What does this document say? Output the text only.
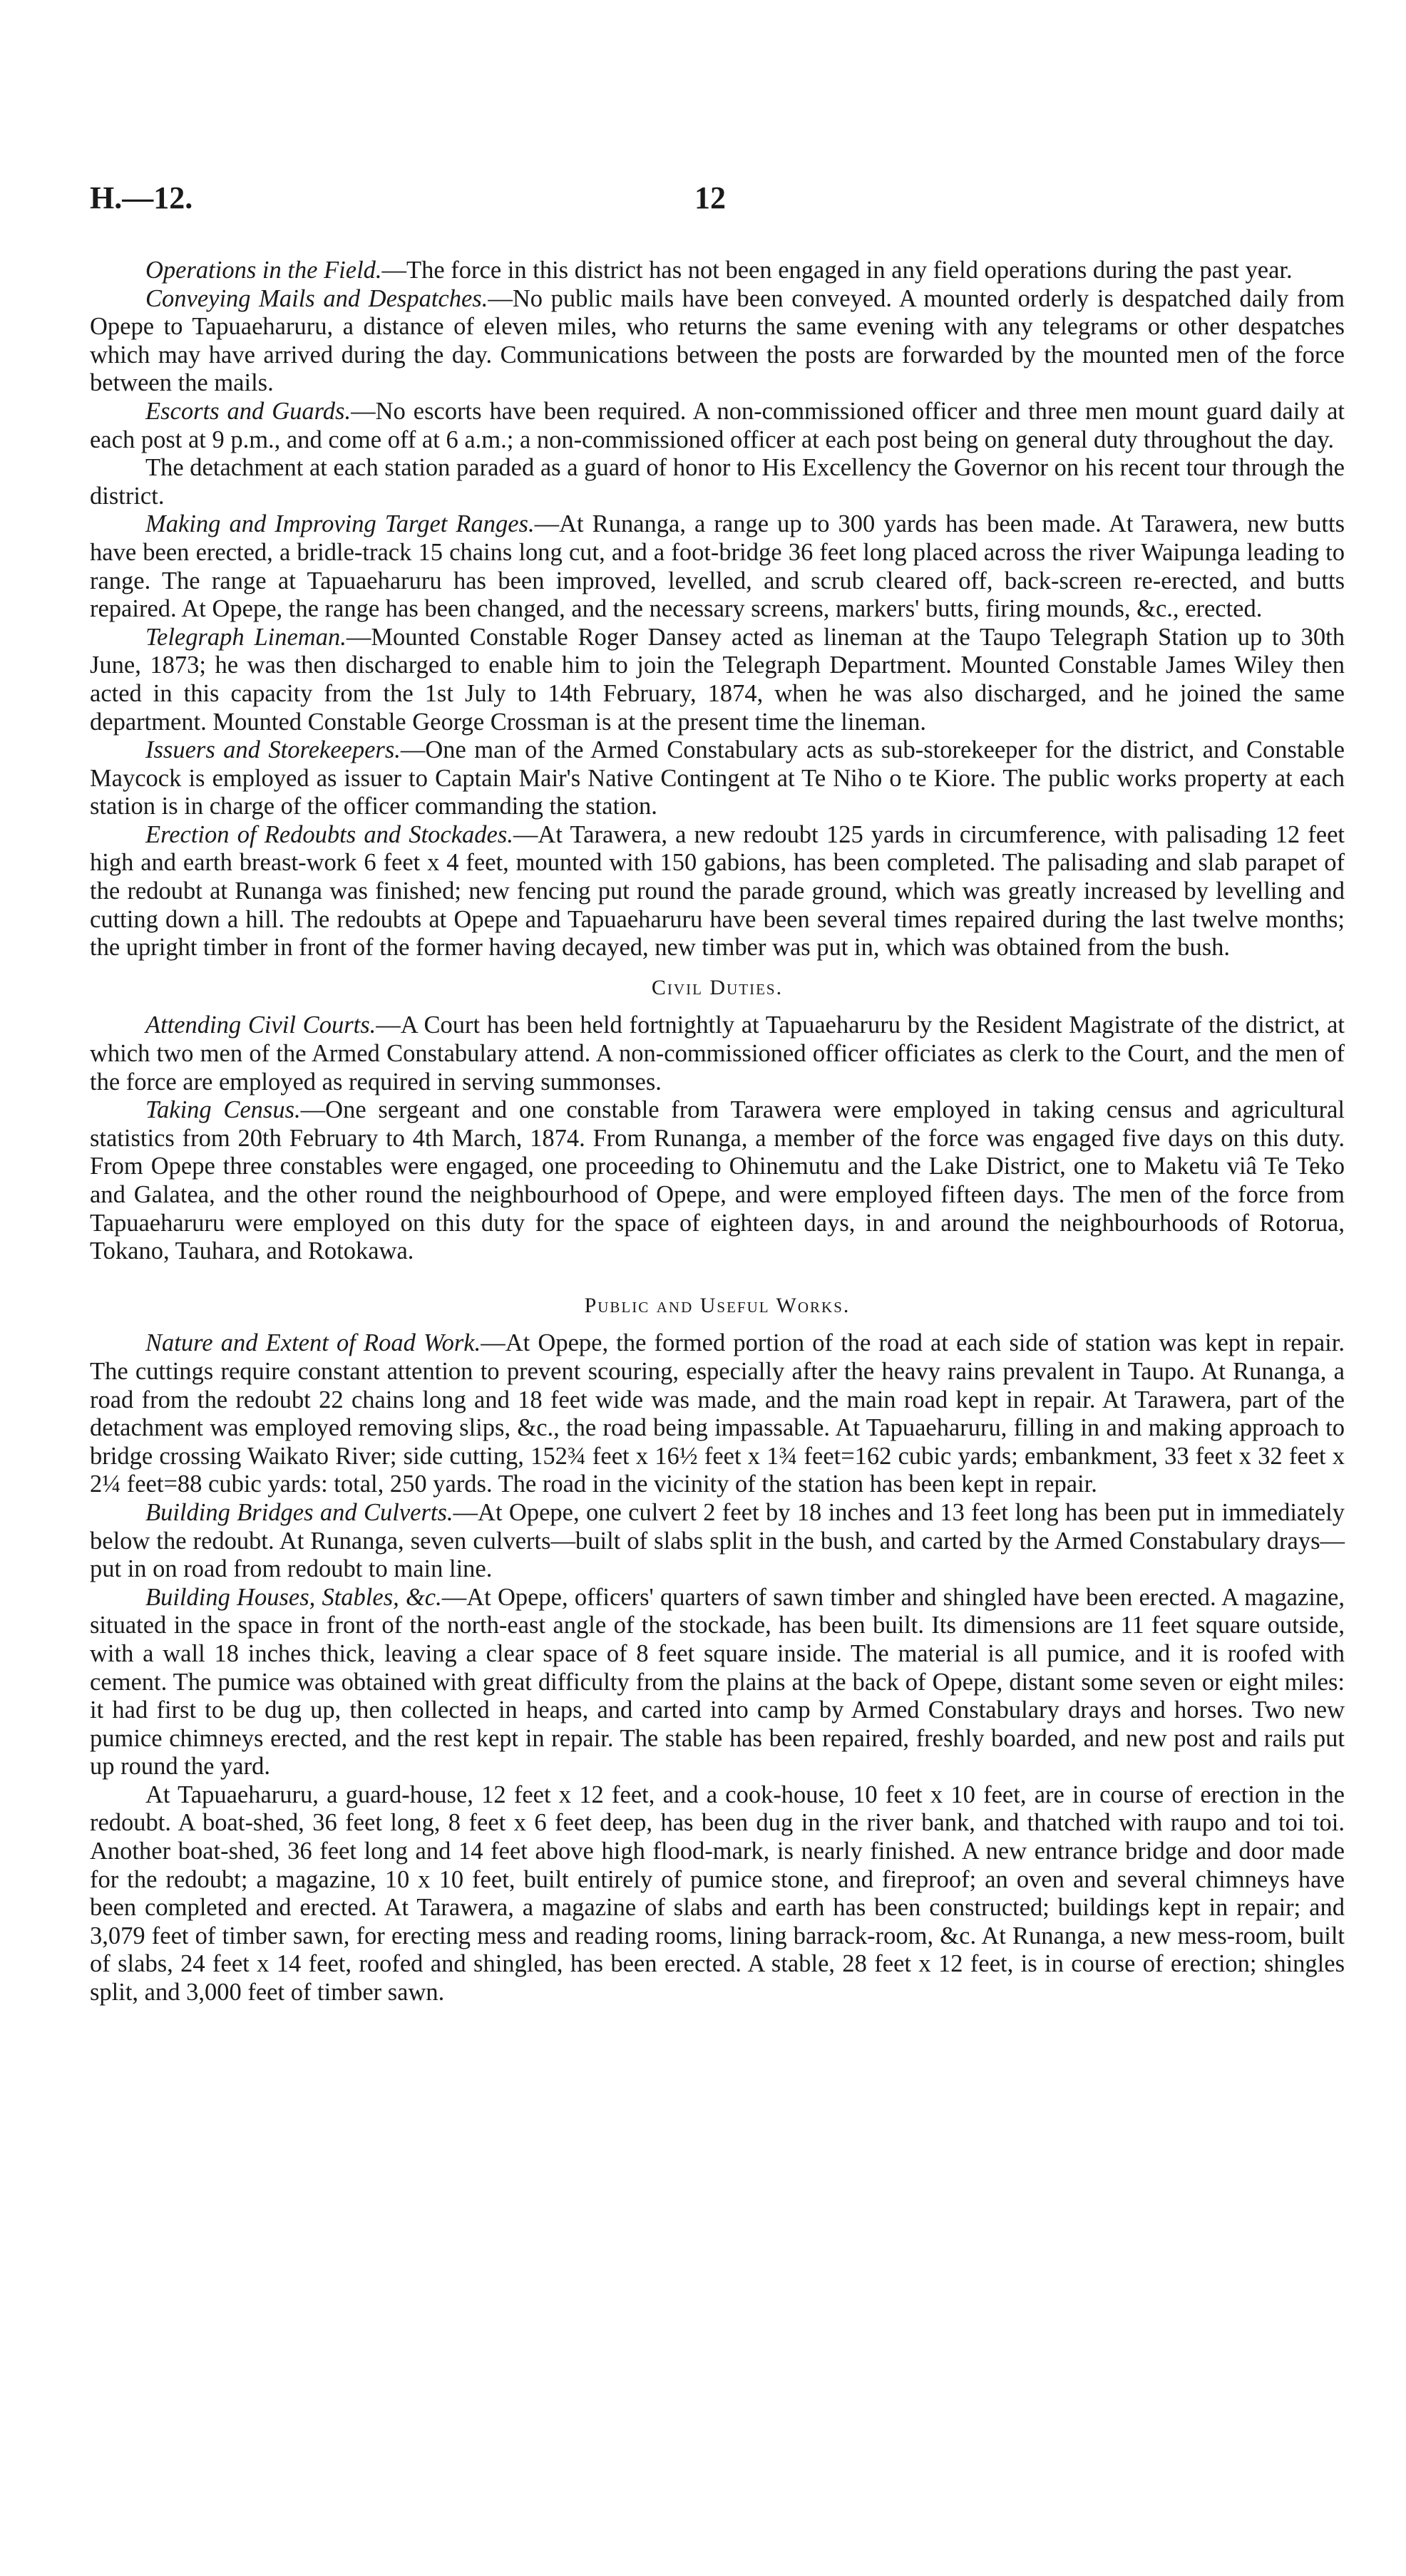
H.—12.	12

Operations in the Field.—The force in this district has not been engaged in any field operations during the past year.

Conveying Mails and Despatches.—No public mails have been conveyed. A mounted orderly is despatched daily from Opepe to Tapuaeharuru, a distance of eleven miles, who returns the same evening with any telegrams or other despatches which may have arrived during the day. Communications between the posts are forwarded by the mounted men of the force between the mails.

Escorts and Guards.—No escorts have been required. A non-commissioned officer and three men mount guard daily at each post at 9 p.m., and come off at 6 a.m.; a non-commissioned officer at each post being on general duty throughout the day.

The detachment at each station paraded as a guard of honor to His Excellency the Governor on his recent tour through the district.

Making and Improving Target Ranges.—At Runanga, a range up to 300 yards has been made. At Tarawera, new butts have been erected, a bridle-track 15 chains long cut, and a foot-bridge 36 feet long placed across the river Waipunga leading to range. The range at Tapuaeharuru has been improved, levelled, and scrub cleared off, back-screen re-erected, and butts repaired. At Opepe, the range has been changed, and the necessary screens, markers' butts, firing mounds, &c., erected.

Telegraph Lineman.—Mounted Constable Roger Dansey acted as lineman at the Taupo Telegraph Station up to 30th June, 1873; he was then discharged to enable him to join the Telegraph Department. Mounted Constable James Wiley then acted in this capacity from the 1st July to 14th February, 1874, when he was also discharged, and he joined the same department. Mounted Constable George Crossman is at the present time the lineman.

Issuers and Storekeepers.—One man of the Armed Constabulary acts as sub-storekeeper for the district, and Constable Maycock is employed as issuer to Captain Mair's Native Contingent at Te Niho o te Kiore. The public works property at each station is in charge of the officer commanding the station.

Erection of Redoubts and Stockades.—At Tarawera, a new redoubt 125 yards in circumference, with palisading 12 feet high and earth breast-work 6 feet x 4 feet, mounted with 150 gabions, has been completed. The palisading and slab parapet of the redoubt at Runanga was finished; new fencing put round the parade ground, which was greatly increased by levelling and cutting down a hill. The redoubts at Opepe and Tapuaeharuru have been several times repaired during the last twelve months; the upright timber in front of the former having decayed, new timber was put in, which was obtained from the bush.

Civil Duties.

Attending Civil Courts.—A Court has been held fortnightly at Tapuaeharuru by the Resident Magistrate of the district, at which two men of the Armed Constabulary attend. A non-commissioned officer officiates as clerk to the Court, and the men of the force are employed as required in serving summonses.

Taking Census.—One sergeant and one constable from Tarawera were employed in taking census and agricultural statistics from 20th February to 4th March, 1874. From Runanga, a member of the force was engaged five days on this duty. From Opepe three constables were engaged, one proceeding to Ohinemutu and the Lake District, one to Maketu viâ Te Teko and Galatea, and the other round the neighbourhood of Opepe, and were employed fifteen days. The men of the force from Tapuaeharuru were employed on this duty for the space of eighteen days, in and around the neighbourhoods of Rotorua, Tokano, Tauhara, and Rotokawa.

Public and Useful Works.

Nature and Extent of Road Work.—At Opepe, the formed portion of the road at each side of station was kept in repair. The cuttings require constant attention to prevent scouring, especially after the heavy rains prevalent in Taupo. At Runanga, a road from the redoubt 22 chains long and 18 feet wide was made, and the main road kept in repair. At Tarawera, part of the detachment was employed removing slips, &c., the road being impassable. At Tapuaeharuru, filling in and making approach to bridge crossing Waikato River; side cutting, 152¾ feet x 16½ feet x 1¾ feet=162 cubic yards; embankment, 33 feet x 32 feet x 2¼ feet=88 cubic yards: total, 250 yards. The road in the vicinity of the station has been kept in repair.

Building Bridges and Culverts.—At Opepe, one culvert 2 feet by 18 inches and 13 feet long has been put in immediately below the redoubt. At Runanga, seven culverts—built of slabs split in the bush, and carted by the Armed Constabulary drays—put in on road from redoubt to main line.

Building Houses, Stables, &c.—At Opepe, officers' quarters of sawn timber and shingled have been erected. A magazine, situated in the space in front of the north-east angle of the stockade, has been built. Its dimensions are 11 feet square outside, with a wall 18 inches thick, leaving a clear space of 8 feet square inside. The material is all pumice, and it is roofed with cement. The pumice was obtained with great difficulty from the plains at the back of Opepe, distant some seven or eight miles: it had first to be dug up, then collected in heaps, and carted into camp by Armed Constabulary drays and horses. Two new pumice chimneys erected, and the rest kept in repair. The stable has been repaired, freshly boarded, and new post and rails put up round the yard.

At Tapuaeharuru, a guard-house, 12 feet x 12 feet, and a cook-house, 10 feet x 10 feet, are in course of erection in the redoubt. A boat-shed, 36 feet long, 8 feet x 6 feet deep, has been dug in the river bank, and thatched with raupo and toi toi. Another boat-shed, 36 feet long and 14 feet above high flood-mark, is nearly finished. A new entrance bridge and door made for the redoubt; a magazine, 10 x 10 feet, built entirely of pumice stone, and fireproof; an oven and several chimneys have been completed and erected. At Tarawera, a magazine of slabs and earth has been constructed; buildings kept in repair; and 3,079 feet of timber sawn, for erecting mess and reading rooms, lining barrack-room, &c. At Runanga, a new mess-room, built of slabs, 24 feet x 14 feet, roofed and shingled, has been erected. A stable, 28 feet x 12 feet, is in course of erection; shingles split, and 3,000 feet of timber sawn.
